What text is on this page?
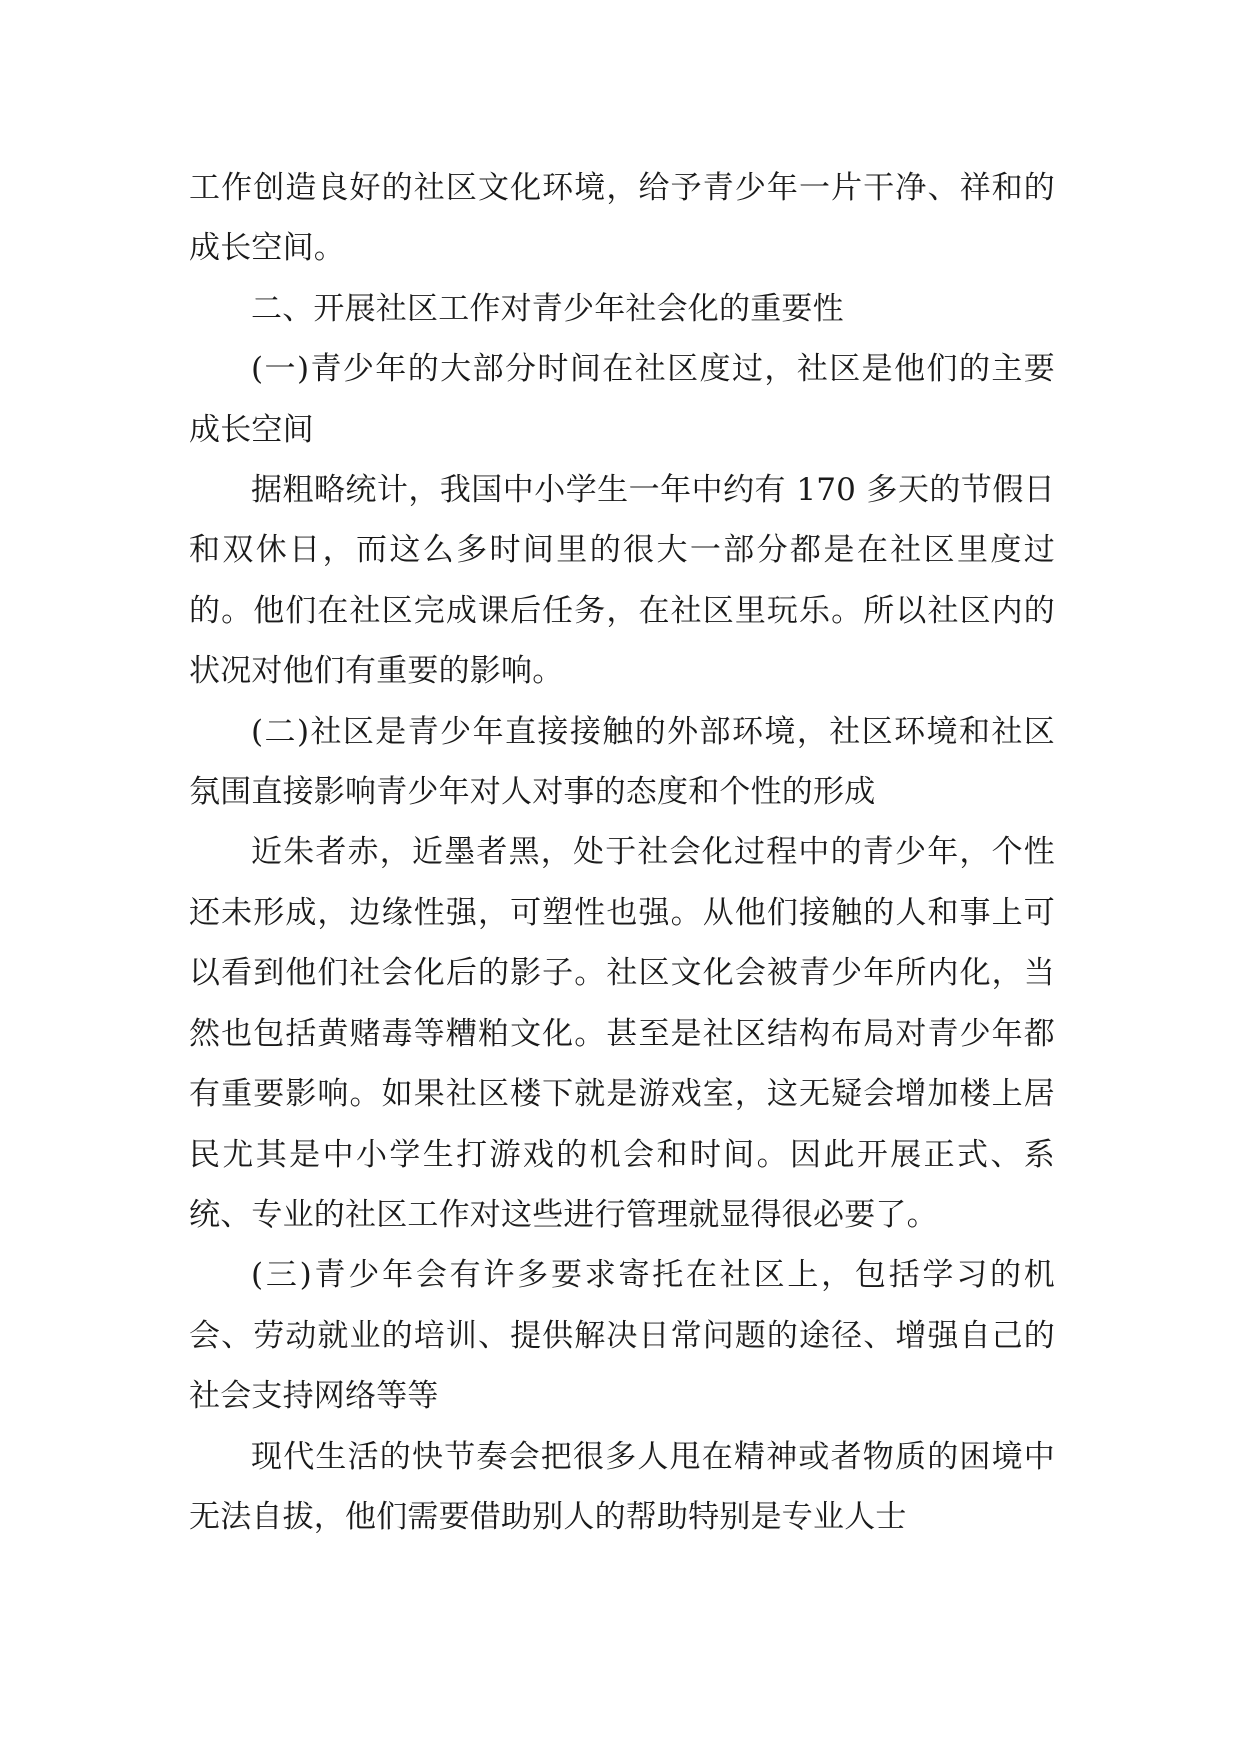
工作创造良好的社区文化环境，给予青少年一片干净、祥和的成长空间。

二、开展社区工作对青少年社会化的重要性

(一)青少年的大部分时间在社区度过，社区是他们的主要成长空间

据粗略统计，我国中小学生一年中约有 170 多天的节假日和双休日，而这么多时间里的很大一部分都是在社区里度过的。他们在社区完成课后任务，在社区里玩乐。所以社区内的状况对他们有重要的影响。

(二)社区是青少年直接接触的外部环境，社区环境和社区氛围直接影响青少年对人对事的态度和个性的形成

近朱者赤，近墨者黑，处于社会化过程中的青少年，个性还未形成，边缘性强，可塑性也强。从他们接触的人和事上可以看到他们社会化后的影子。社区文化会被青少年所内化，当然也包括黄赌毒等糟粕文化。甚至是社区结构布局对青少年都有重要影响。如果社区楼下就是游戏室，这无疑会增加楼上居民尤其是中小学生打游戏的机会和时间。因此开展正式、系统、专业的社区工作对这些进行管理就显得很必要了。

(三)青少年会有许多要求寄托在社区上，包括学习的机会、劳动就业的培训、提供解决日常问题的途径、增强自己的社会支持网络等等

现代生活的快节奏会把很多人甩在精神或者物质的困境中无法自拔，他们需要借助别人的帮助特别是专业人士
